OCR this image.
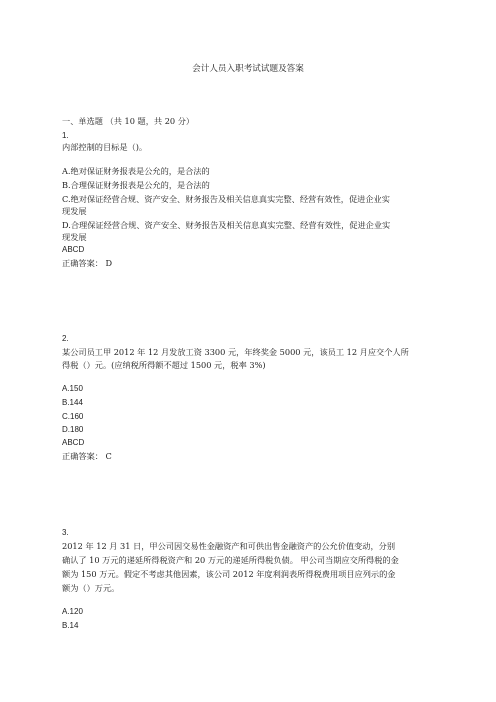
会计人员入职考试试题及答案
一、单选题 （共 10 题，共 20 分）
1.
内部控制的目标是（)。
A.绝对保证财务报表是公允的，是合法的
B.合理保证财务报表是公允的，是合法的
C.绝对保证经营合规、资产安全、财务报告及相关信息真实完整、经营有效性，促进企业实
现发展
D.合理保证经营合规、资产安全、财务报告及相关信息真实完整、经营有效性，促进企业实
现发展
ABCD
正确答案： D
2.
某公司员工甲 2012 年 12 月发放工资 3300 元，年终奖金 5000 元，该员工 12 月应交个人所
得税（）元。(应纳税所得额不超过 1500 元，税率 3%)
A.150
B.144
C.160
D.180
ABCD
正确答案： C
3.
2012 年 12 月 31 日，甲公司因交易性金融资产和可供出售金融资产的公允价值变动，分别
确认了 10 万元的递延所得税资产和 20 万元的递延所得税负债。 甲公司当期应交所得税的金
额为 150 万元。假定不考虑其他因素，该公司 2012 年度利润表所得税费用项目应列示的金
额为（）万元。
A.120
B.14
